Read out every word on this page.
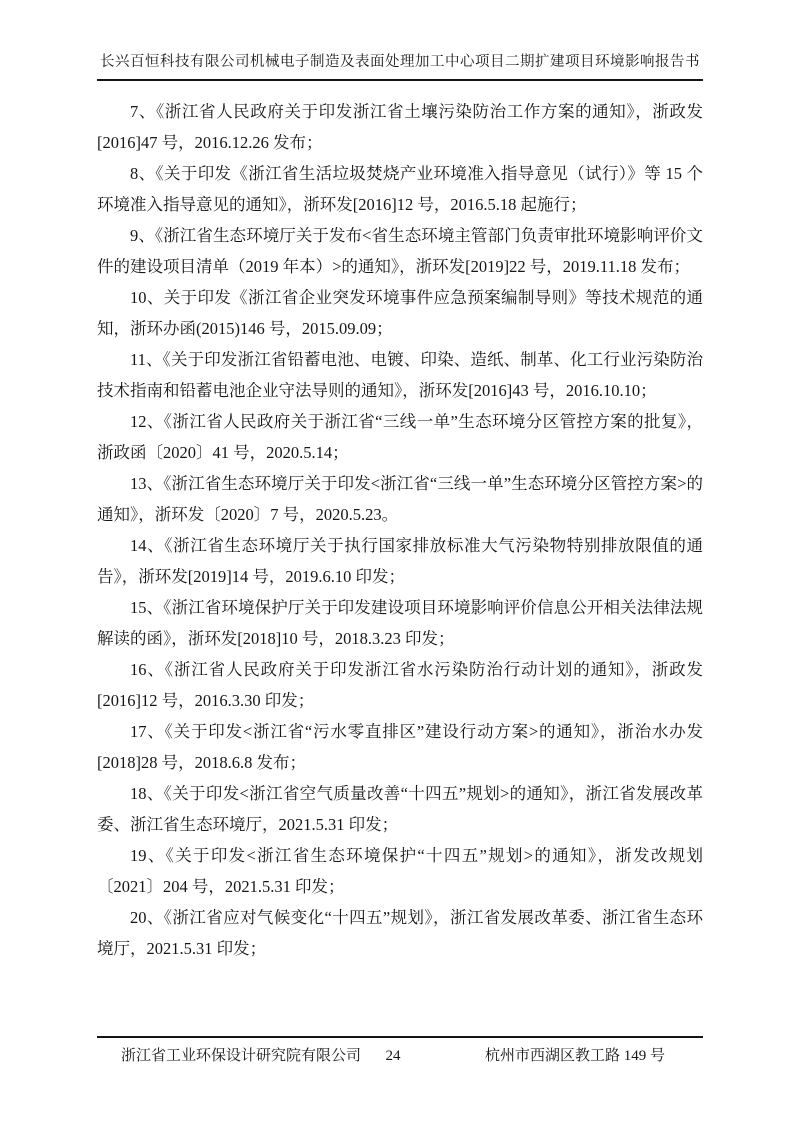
长兴百恒科技有限公司机械电子制造及表面处理加工中心项目二期扩建项目环境影响报告书

7、《浙江省人民政府关于印发浙江省土壤污染防治工作方案的通知》，浙政发[2016]47 号，2016.12.26 发布；

8、《关于印发《浙江省生活垃圾焚烧产业环境准入指导意见（试行）》等 15 个环境准入指导意见的通知》，浙环发[2016]12 号，2016.5.18 起施行；

9、《浙江省生态环境厅关于发布<省生态环境主管部门负责审批环境影响评价文件的建设项目清单（2019 年本）>的通知》，浙环发[2019]22 号，2019.11.18 发布；

10、关于印发《浙江省企业突发环境事件应急预案编制导则》等技术规范的通知，浙环办函(2015)146 号，2015.09.09；

11、《关于印发浙江省铅蓄电池、电镀、印染、造纸、制革、化工行业污染防治技术指南和铅蓄电池企业守法导则的通知》，浙环发[2016]43 号，2016.10.10；

12、《浙江省人民政府关于浙江省“三线一单”生态环境分区管控方案的批复》，浙政函〔2020〕41 号，2020.5.14；

13、《浙江省生态环境厅关于印发<浙江省“三线一单”生态环境分区管控方案>的通知》，浙环发〔2020〕7 号，2020.5.23。

14、《浙江省生态环境厅关于执行国家排放标准大气污染物特别排放限值的通告》，浙环发[2019]14 号，2019.6.10 印发；

15、《浙江省环境保护厅关于印发建设项目环境影响评价信息公开相关法律法规解读的函》，浙环发[2018]10 号，2018.3.23 印发；

16、《浙江省人民政府关于印发浙江省水污染防治行动计划的通知》，浙政发[2016]12 号，2016.3.30 印发；

17、《关于印发<浙江省“污水零直排区”建设行动方案>的通知》，浙治水办发[2018]28 号，2018.6.8 发布；

18、《关于印发<浙江省空气质量改善“十四五”规划>的通知》，浙江省发展改革委、浙江省生态环境厅，2021.5.31 印发；

19、《关于印发<浙江省生态环境保护“十四五”规划>的通知》，浙发改规划〔2021〕204 号，2021.5.31 印发；

20、《浙江省应对气候变化“十四五”规划》，浙江省发展改革委、浙江省生态环境厅，2021.5.31 印发；

浙江省工业环保设计研究院有限公司	24	杭州市西湖区教工路 149 号
